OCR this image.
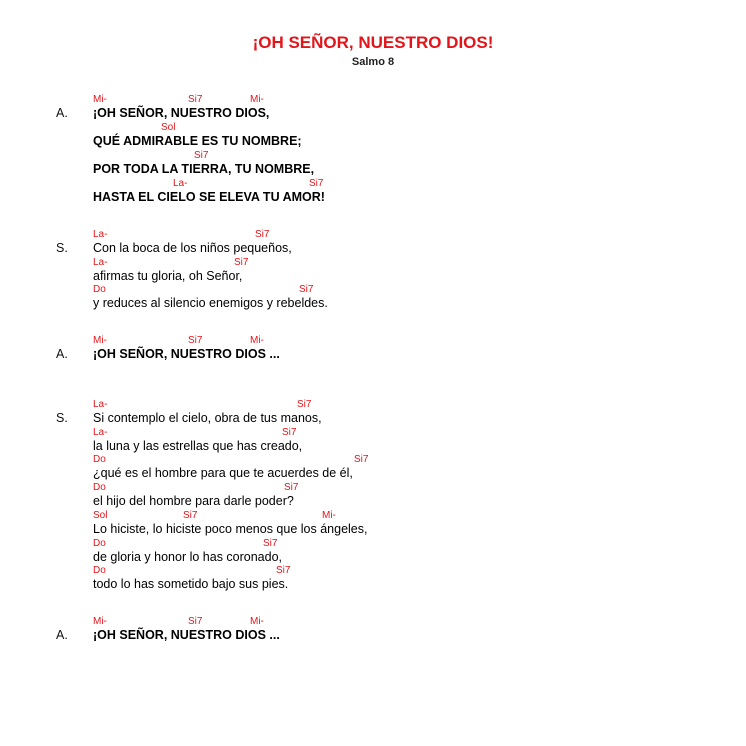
¡OH SEÑOR, NUESTRO DIOS!
Salmo 8
Mi-	Si7	Mi-
A. ¡OH SEÑOR, NUESTRO DIOS,
Sol
QUÉ ADMIRABLE ES TU NOMBRE;
Si7
POR TODA LA TIERRA, TU NOMBRE,
La-	Si7
HASTA EL CIELO SE ELEVA TU AMOR!
La-	Si7
S. Con la boca de los niños pequeños,
La-	Si7
afirmas tu gloria, oh Señor,
Do	Si7
y reduces al silencio enemigos y rebeldes.
Mi-	Si7	Mi-
A. ¡OH SEÑOR, NUESTRO DIOS ...
La-	Si7
S. Si contemplo el cielo, obra de tus manos,
La-	Si7
la luna y las estrellas que has creado,
Do	Si7
¿qué es el hombre para que te acuerdes de él,
Do	Si7
el hijo del hombre para darle poder?
Sol	Si7	Mi-
Lo hiciste, lo hiciste poco menos que los ángeles,
Do	Si7
de gloria y honor lo has coronado,
Do	Si7
todo lo has sometido bajo sus pies.
Mi-	Si7	Mi-
A. ¡OH SEÑOR, NUESTRO DIOS ...
